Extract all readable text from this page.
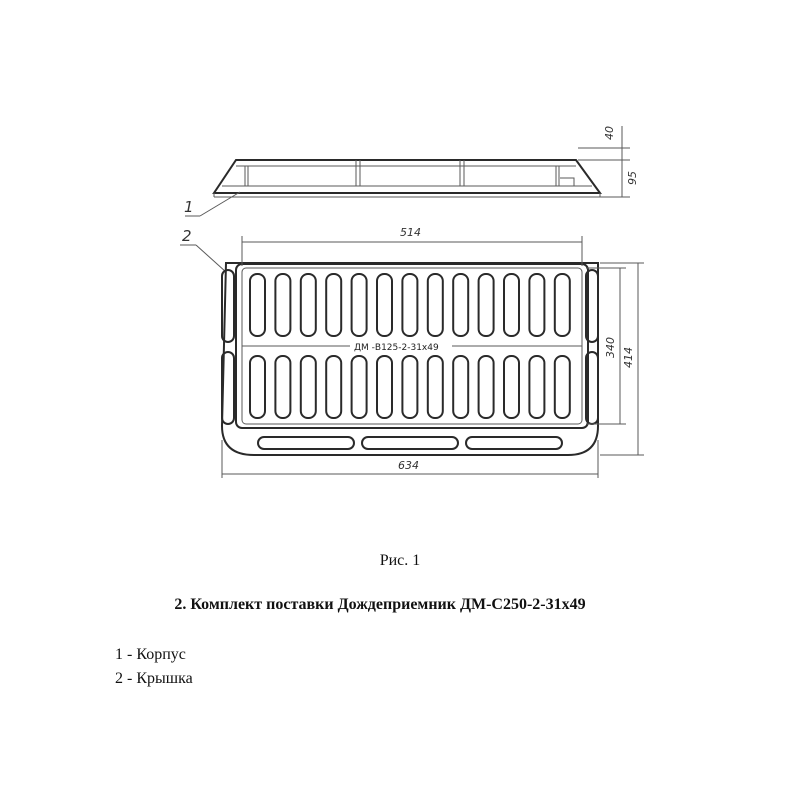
40
95
1
2
ДМ -В125-2-31х49
514
634
340 414
Рис. 1
2. Комплект поставки Дождеприемник ДМ-С250-2-31х49
1 - Корпус
2 - Крышка
